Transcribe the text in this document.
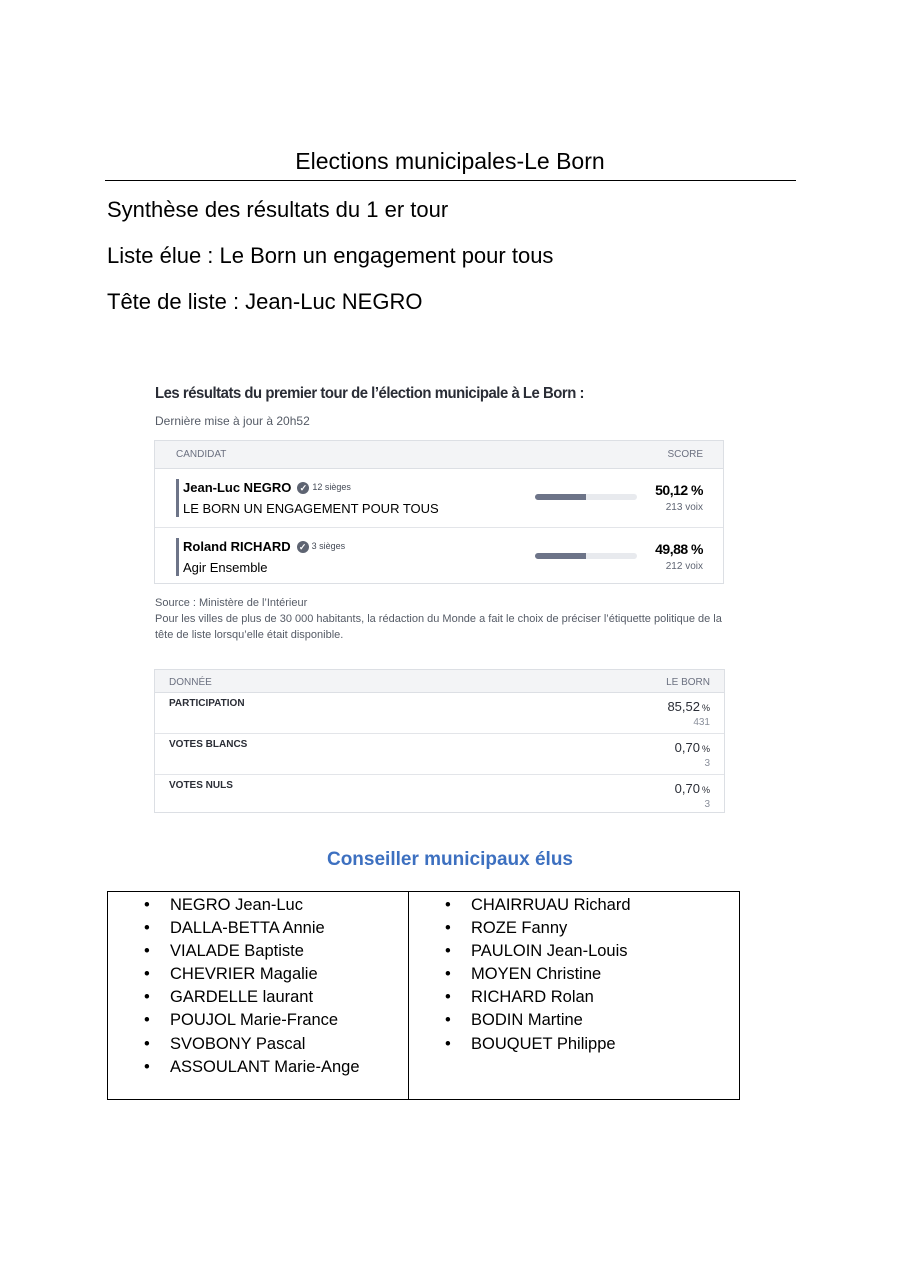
Elections municipales-Le Born
Synthèse des résultats du 1 er tour
Liste élue : Le Born un engagement pour tous
Tête de liste : Jean-Luc NEGRO
Les résultats du premier tour de l’élection municipale à Le Born :
Dernière mise à jour à 20h52
CANDIDAT	SCORE
Jean-Luc NEGRO ✓ 12 sièges
LE BORN UN ENGAGEMENT POUR TOUS
50,12 %
213 voix
Roland RICHARD ✓ 3 sièges
Agir Ensemble
49,88 %
212 voix
Source : Ministère de l’Intérieur
Pour les villes de plus de 30 000 habitants, la rédaction du Monde a fait le choix de préciser l’étiquette politique de la tête de liste lorsqu’elle était disponible.
DONNÉE	LE BORN
PARTICIPATION	85,52 %
431
VOTES BLANCS	0,70 %
3
VOTES NULS	0,70 %
3
Conseiller municipaux élus
• NEGRO Jean-Luc
• DALLA-BETTA Annie
• VIALADE Baptiste
• CHEVRIER Magalie
• GARDELLE laurant
• POUJOL Marie-France
• SVOBONY Pascal
• ASSOULANT Marie-Ange
• CHAIRRUAU Richard
• ROZE Fanny
• PAULOIN Jean-Louis
• MOYEN Christine
• RICHARD Rolan
• BODIN Martine
• BOUQUET Philippe
